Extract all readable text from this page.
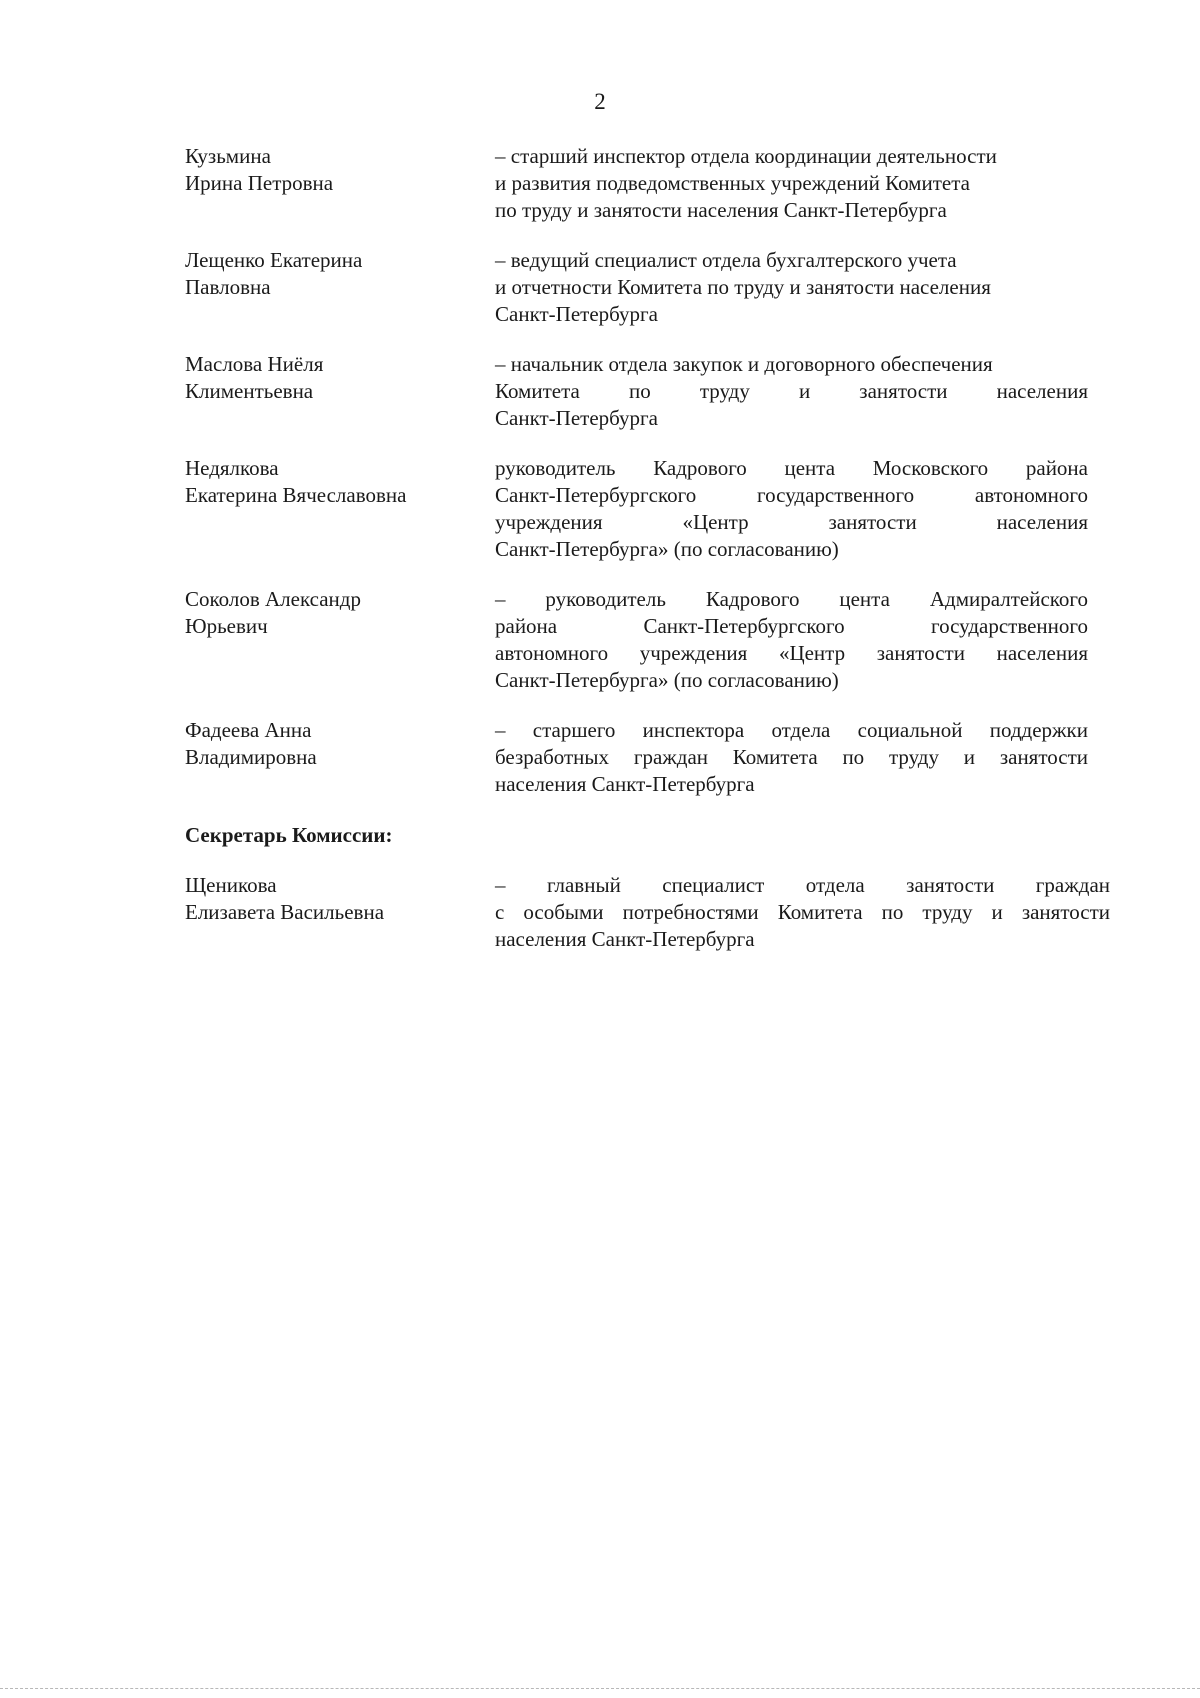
2
Кузьмина
Ирина Петровна
– старший инспектор отдела координации деятельности
и развития подведомственных учреждений Комитета
по труду и занятости населения Санкт-Петербурга
Лещенко Екатерина
Павловна
– ведущий специалист отдела бухгалтерского учета
и отчетности Комитета по труду и занятости населения
Санкт-Петербурга
Маслова Ниёля
Климентьевна
– начальник отдела закупок и договорного обеспечения
Комитета по труду и занятости населения
Санкт-Петербурга
Недялкова
Екатерина Вячеславовна
руководитель Кадрового цента Московского района
Санкт-Петербургского государственного автономного
учреждения «Центр занятости населения
Санкт-Петербурга» (по согласованию)
Соколов Александр
Юрьевич
– руководитель Кадрового цента Адмиралтейского
района Санкт-Петербургского государственного
автономного учреждения «Центр занятости населения
Санкт-Петербурга» (по согласованию)
Фадеева Анна
Владимировна
– старшего инспектора отдела социальной поддержки
безработных граждан Комитета по труду и занятости
населения Санкт-Петербурга
Секретарь Комиссии:
Щеникова
Елизавета Васильевна
– главный специалист отдела занятости граждан
с особыми потребностями Комитета по труду и занятости
населения Санкт-Петербурга
